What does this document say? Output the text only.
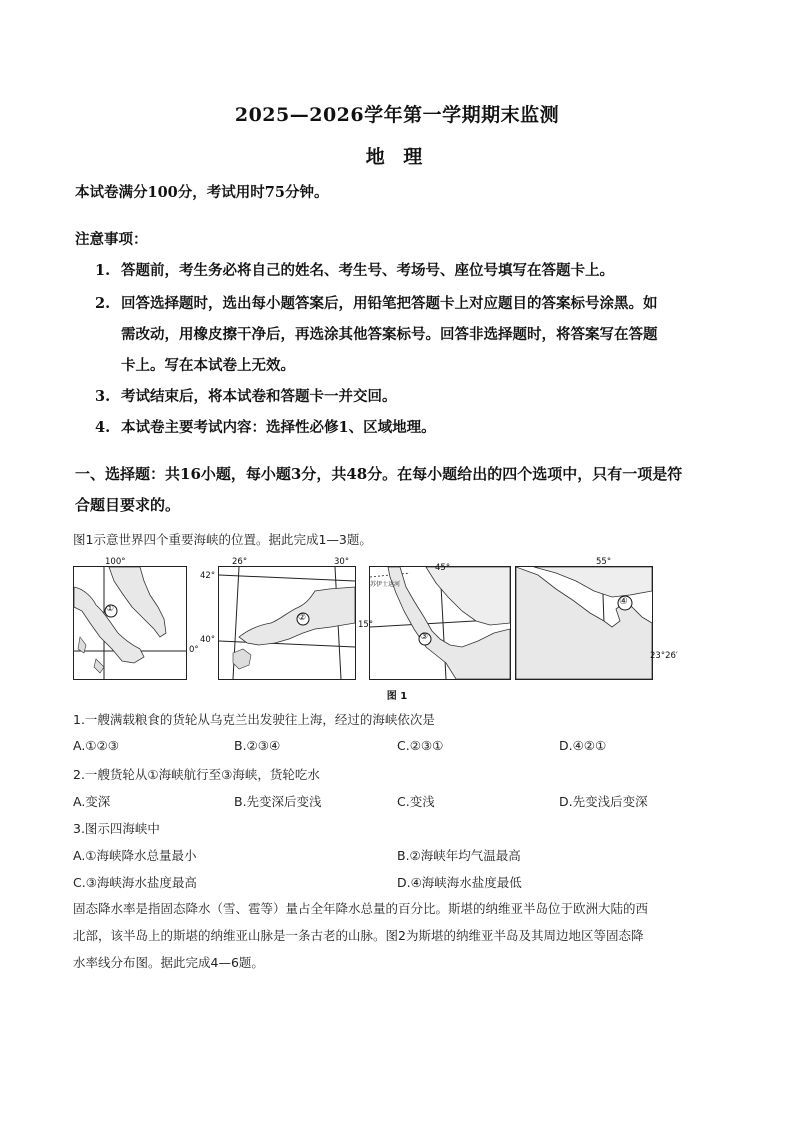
2025—2026学年第一学期期末监测
地 理
本试卷满分100分，考试用时75分钟。
注意事项：
1. 答题前，考生务必将自己的姓名、考生号、考场号、座位号填写在答题卡上。
2. 回答选择题时，选出每小题答案后，用铅笔把答题卡上对应题目的答案标号涂黑。如
需改动，用橡皮擦干净后，再选涂其他答案标号。回答非选择题时，将答案写在答题
卡上。写在本试卷上无效。
3. 考试结束后，将本试卷和答题卡一并交回。
4. 本试卷主要考试内容：选择性必修1、区域地理。
一、选择题：共16小题，每小题3分，共48分。在每小题给出的四个选项中，只有一项是符
合题目要求的。
图1示意世界四个重要海峡的位置。据此完成1—3题。
100°
0°
①
26°	30°
42°
40°
②
苏伊士运河
45°
15°
③
55°
23°26′
④
图 1
1.一艘满载粮食的货轮从乌克兰出发驶往上海，经过的海峡依次是
A.①②③	B.②③④	C.②③①	D.④②①
2.一艘货轮从①海峡航行至③海峡，货轮吃水
A.变深	B.先变深后变浅	C.变浅	D.先变浅后变深
3.图示四海峡中
A.①海峡降水总量最小	B.②海峡年均气温最高
C.③海峡海水盐度最高	D.④海峡海水盐度最低
固态降水率是指固态降水（雪、雹等）量占全年降水总量的百分比。斯堪的纳维亚半岛位于欧洲大陆的西
北部，该半岛上的斯堪的纳维亚山脉是一条古老的山脉。图2为斯堪的纳维亚半岛及其周边地区等固态降
水率线分布图。据此完成4—6题。
